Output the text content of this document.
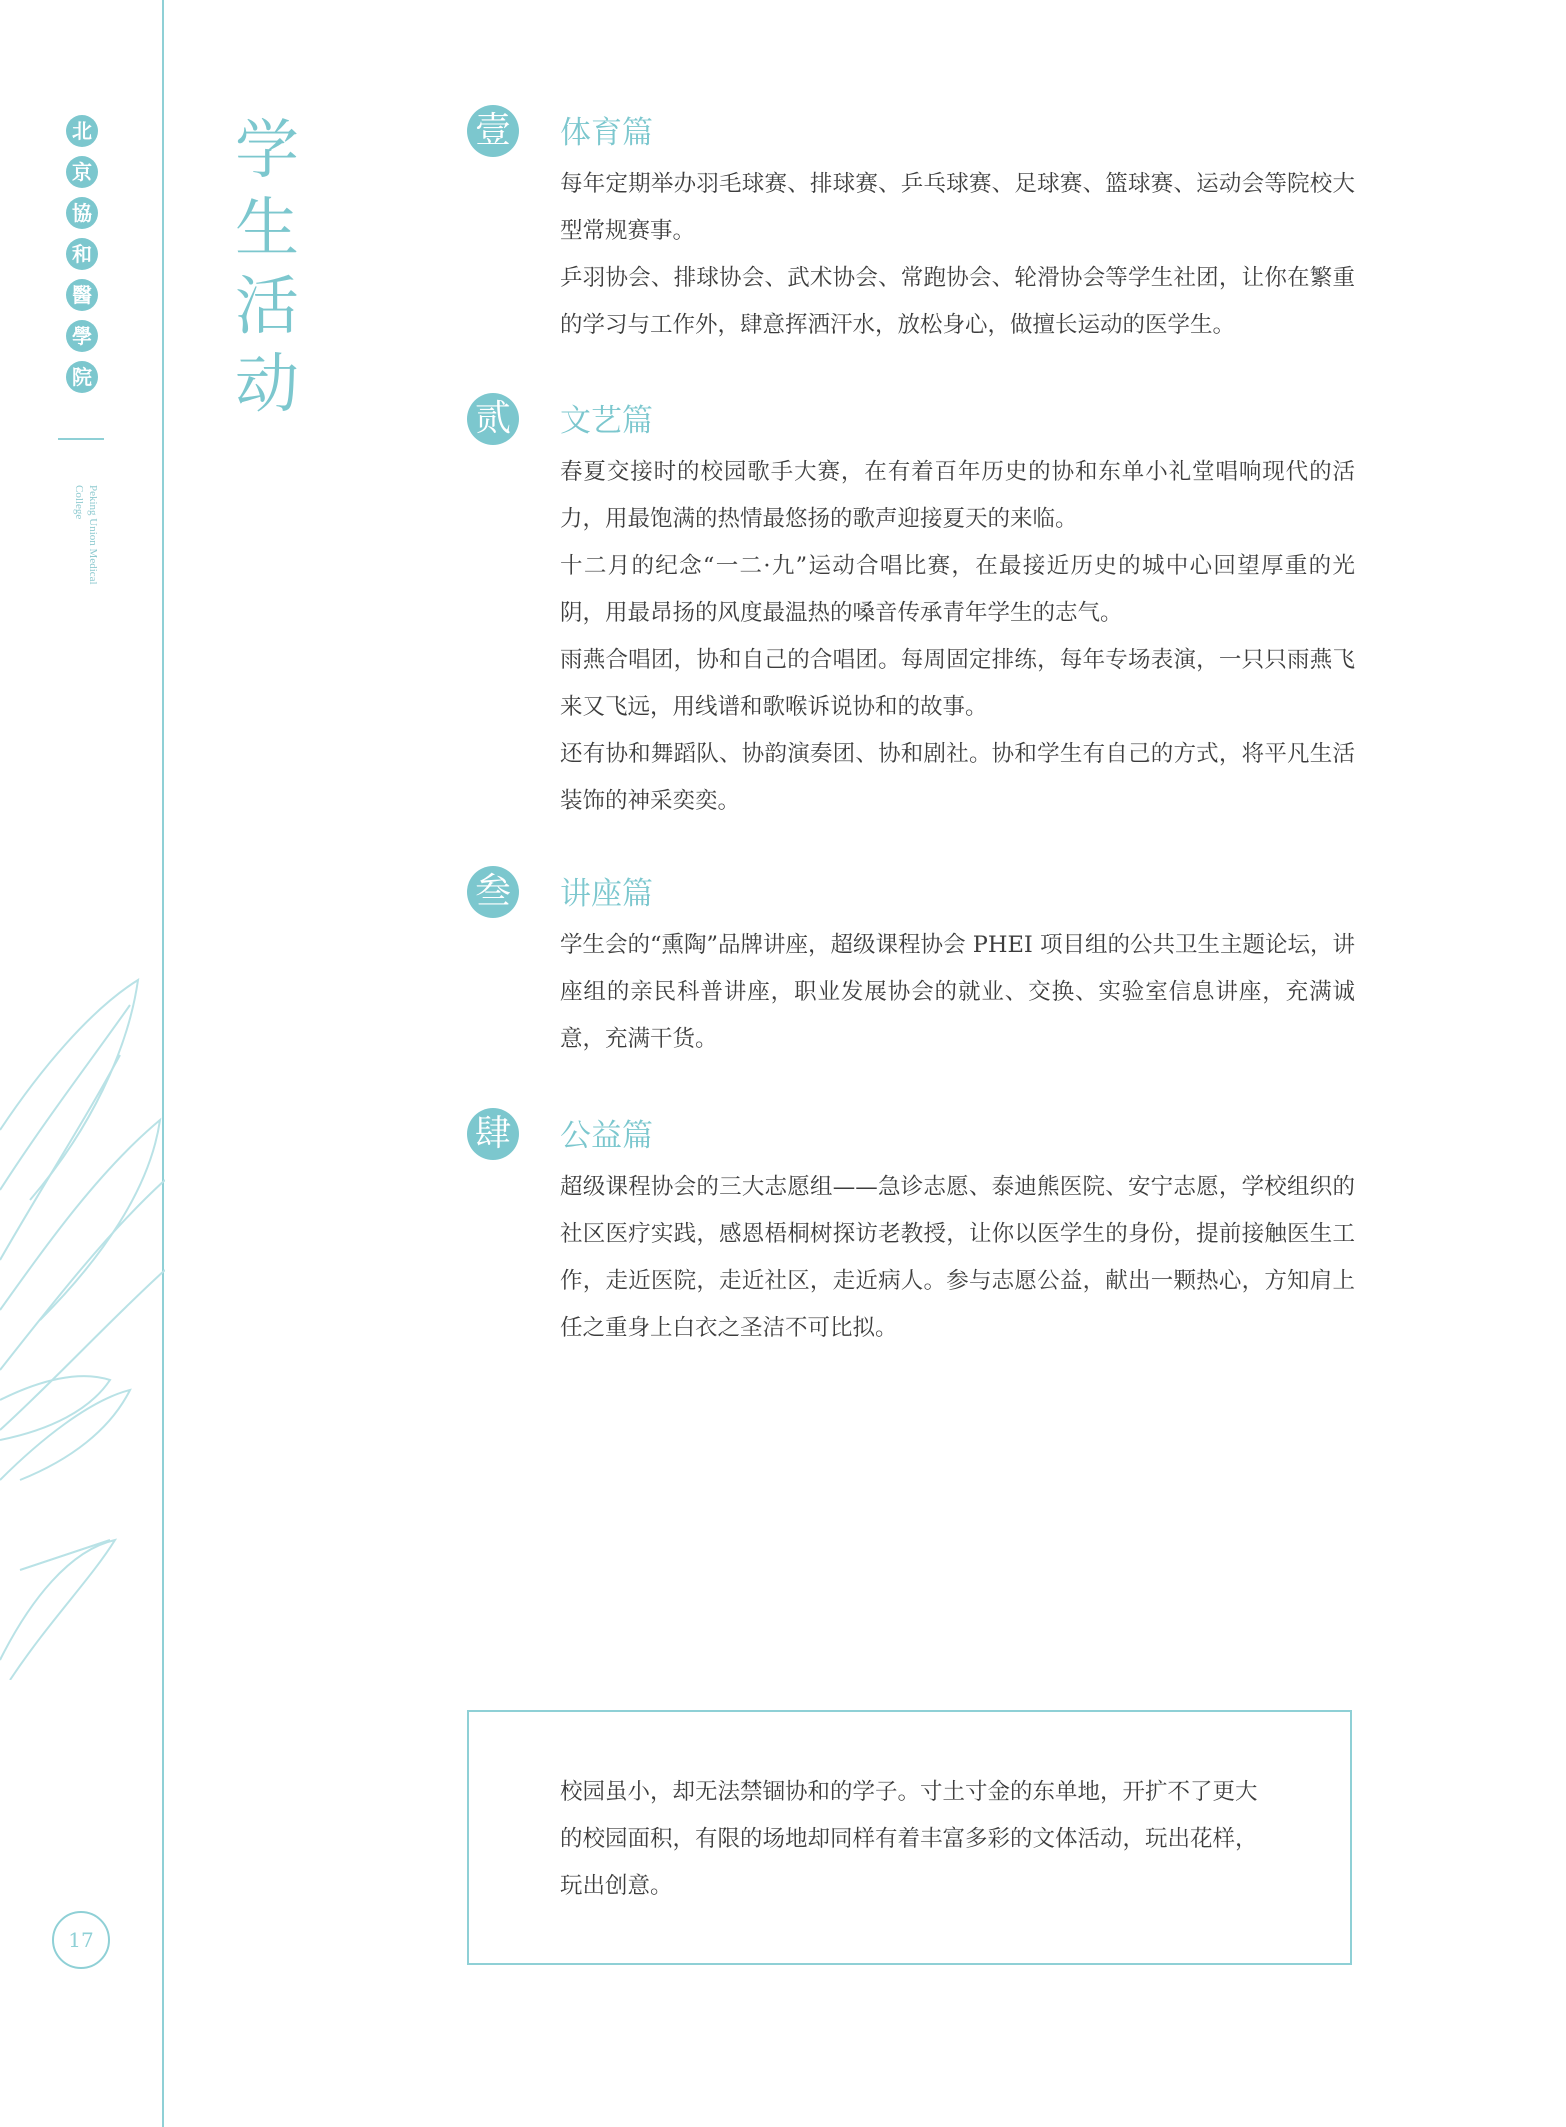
北
京
協
和
醫
學
院
Peking Union Medical College
17
学
生
活
动
壹 体育篇

每年定期举办羽毛球赛、排球赛、乒乓球赛、足球赛、篮球赛、运动会等院校大型常规赛事。

乒羽协会、排球协会、武术协会、常跑协会、轮滑协会等学生社团，让你在繁重的学习与工作外，肆意挥洒汗水，放松身心，做擅长运动的医学生。

贰 文艺篇

春夏交接时的校园歌手大赛，在有着百年历史的协和东单小礼堂唱响现代的活力，用最饱满的热情最悠扬的歌声迎接夏天的来临。

十二月的纪念“一二·九”运动合唱比赛，在最接近历史的城中心回望厚重的光阴，用最昂扬的风度最温热的嗓音传承青年学生的志气。

雨燕合唱团，协和自己的合唱团。每周固定排练，每年专场表演，一只只雨燕飞来又飞远，用线谱和歌喉诉说协和的故事。

还有协和舞蹈队、协韵演奏团、协和剧社。协和学生有自己的方式，将平凡生活装饰的神采奕奕。

叁 讲座篇

学生会的“熏陶”品牌讲座，超级课程协会 PHEI 项目组的公共卫生主题论坛，讲座组的亲民科普讲座，职业发展协会的就业、交换、实验室信息讲座，充满诚意，充满干货。

肆 公益篇

超级课程协会的三大志愿组——急诊志愿、泰迪熊医院、安宁志愿，学校组织的社区医疗实践，感恩梧桐树探访老教授，让你以医学生的身份，提前接触医生工作，走近医院，走近社区，走近病人。参与志愿公益，献出一颗热心，方知肩上任之重身上白衣之圣洁不可比拟。

校园虽小，却无法禁锢协和的学子。寸土寸金的东单地，开扩不了更大的校园面积，有限的场地却同样有着丰富多彩的文体活动，玩出花样，玩出创意。
